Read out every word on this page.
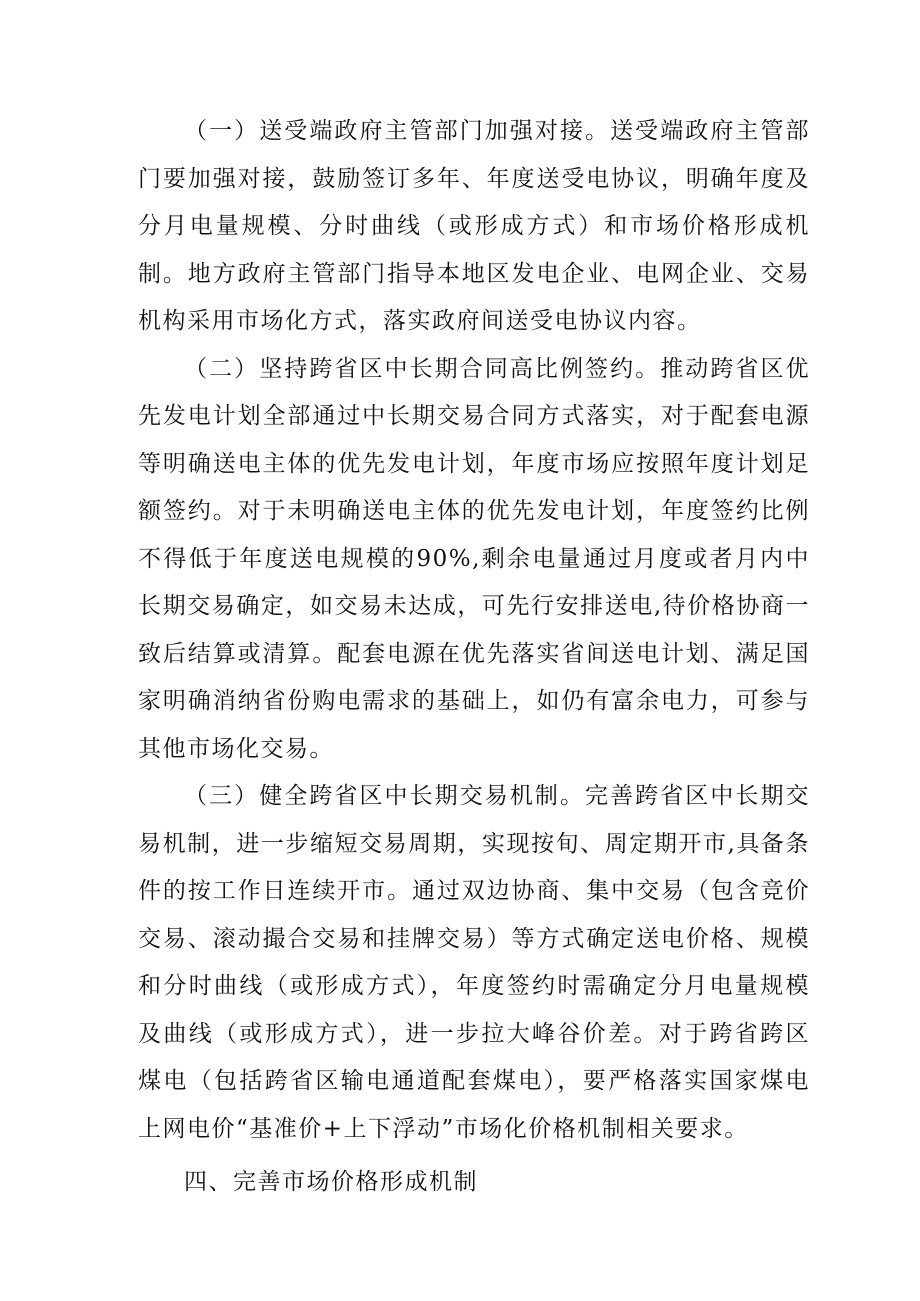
（一）送受端政府主管部门加强对接。送受端政府主管部门要加强对接，鼓励签订多年、年度送受电协议，明确年度及分月电量规模、分时曲线（或形成方式）和市场价格形成机制。地方政府主管部门指导本地区发电企业、电网企业、交易机构采用市场化方式，落实政府间送受电协议内容。

（二）坚持跨省区中长期合同高比例签约。推动跨省区优先发电计划全部通过中长期交易合同方式落实，对于配套电源等明确送电主体的优先发电计划，年度市场应按照年度计划足额签约。对于未明确送电主体的优先发电计划，年度签约比例不得低于年度送电规模的90%,剩余电量通过月度或者月内中长期交易确定，如交易未达成，可先行安排送电,待价格协商一致后结算或清算。配套电源在优先落实省间送电计划、满足国家明确消纳省份购电需求的基础上，如仍有富余电力，可参与其他市场化交易。

（三）健全跨省区中长期交易机制。完善跨省区中长期交易机制，进一步缩短交易周期，实现按旬、周定期开市,具备条件的按工作日连续开市。通过双边协商、集中交易（包含竞价交易、滚动撮合交易和挂牌交易）等方式确定送电价格、规模和分时曲线（或形成方式），年度签约时需确定分月电量规模及曲线（或形成方式），进一步拉大峰谷价差。对于跨省跨区煤电（包括跨省区输电通道配套煤电），要严格落实国家煤电上网电价“基准价+上下浮动”市场化价格机制相关要求。

四、完善市场价格形成机制
